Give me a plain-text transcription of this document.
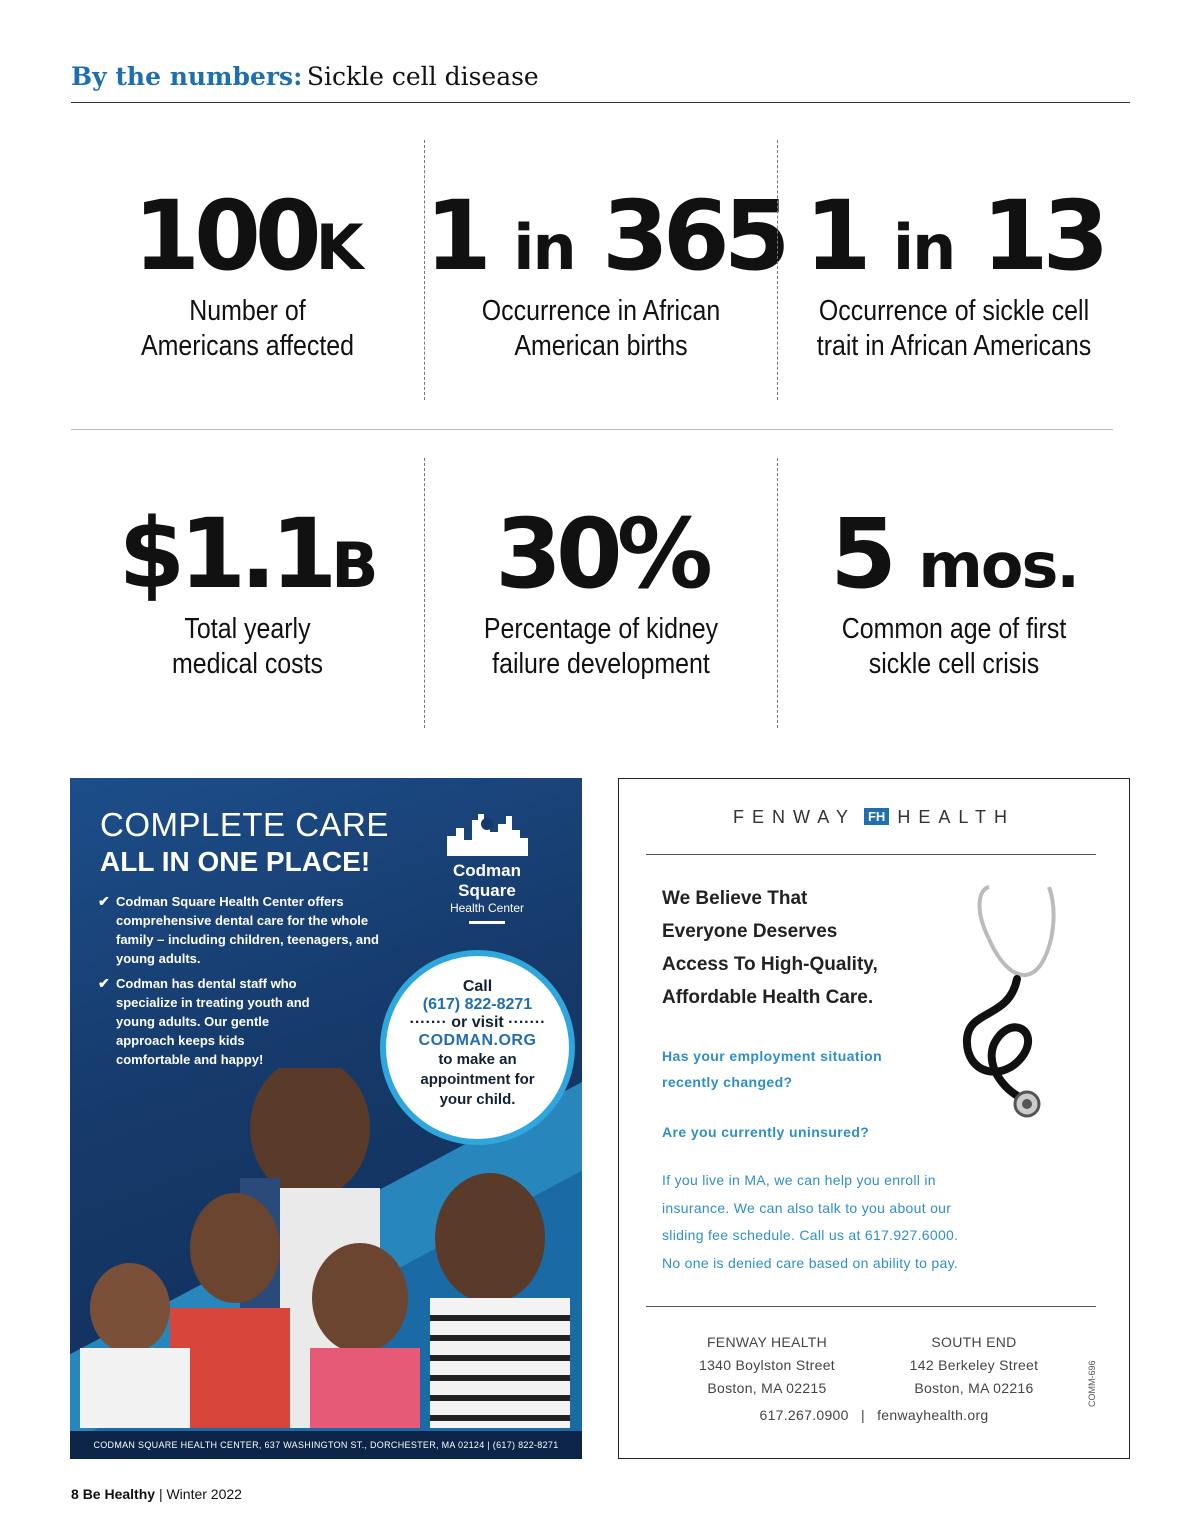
By the numbers: Sickle cell disease
100K
Number of
Americans affected
1 in 365
Occurrence in African
American births
1 in 13
Occurrence of sickle cell
trait in African Americans
$1.1B
Total yearly
medical costs
30%
Percentage of kidney
failure development
5 mos.
Common age of first
sickle cell crisis
COMPLETE CARE
ALL IN ONE PLACE!	Codman Square
Health Center
✔ Codman Square Health Center offers comprehensive dental care for the whole family – including children, teenagers, and young adults.
✔ Codman has dental staff who specialize in treating youth and young adults. Our gentle approach keeps kids comfortable and happy!
Call
(617) 822-8271
······· or visit ·······
CODMAN.ORG
to make an
appointment for
your child.
CODMAN SQUARE HEALTH CENTER, 637 WASHINGTON ST., DORCHESTER, MA 02124 | (617) 822-8271
FENWAY FH HEALTH
We Believe That
Everyone Deserves
Access To High-Quality,
Affordable Health Care.
Has your employment situation
recently changed?
Are you currently uninsured?
If you live in MA, we can help you enroll in
insurance. We can also talk to you about our
sliding fee schedule. Call us at 617.927.6000.
No one is denied care based on ability to pay.
FENWAY HEALTH
1340 Boylston Street
Boston, MA 02215
SOUTH END
142 Berkeley Street
Boston, MA 02216
617.267.0900 | fenwayhealth.org
COMM-696
8 Be Healthy | Winter 2022
